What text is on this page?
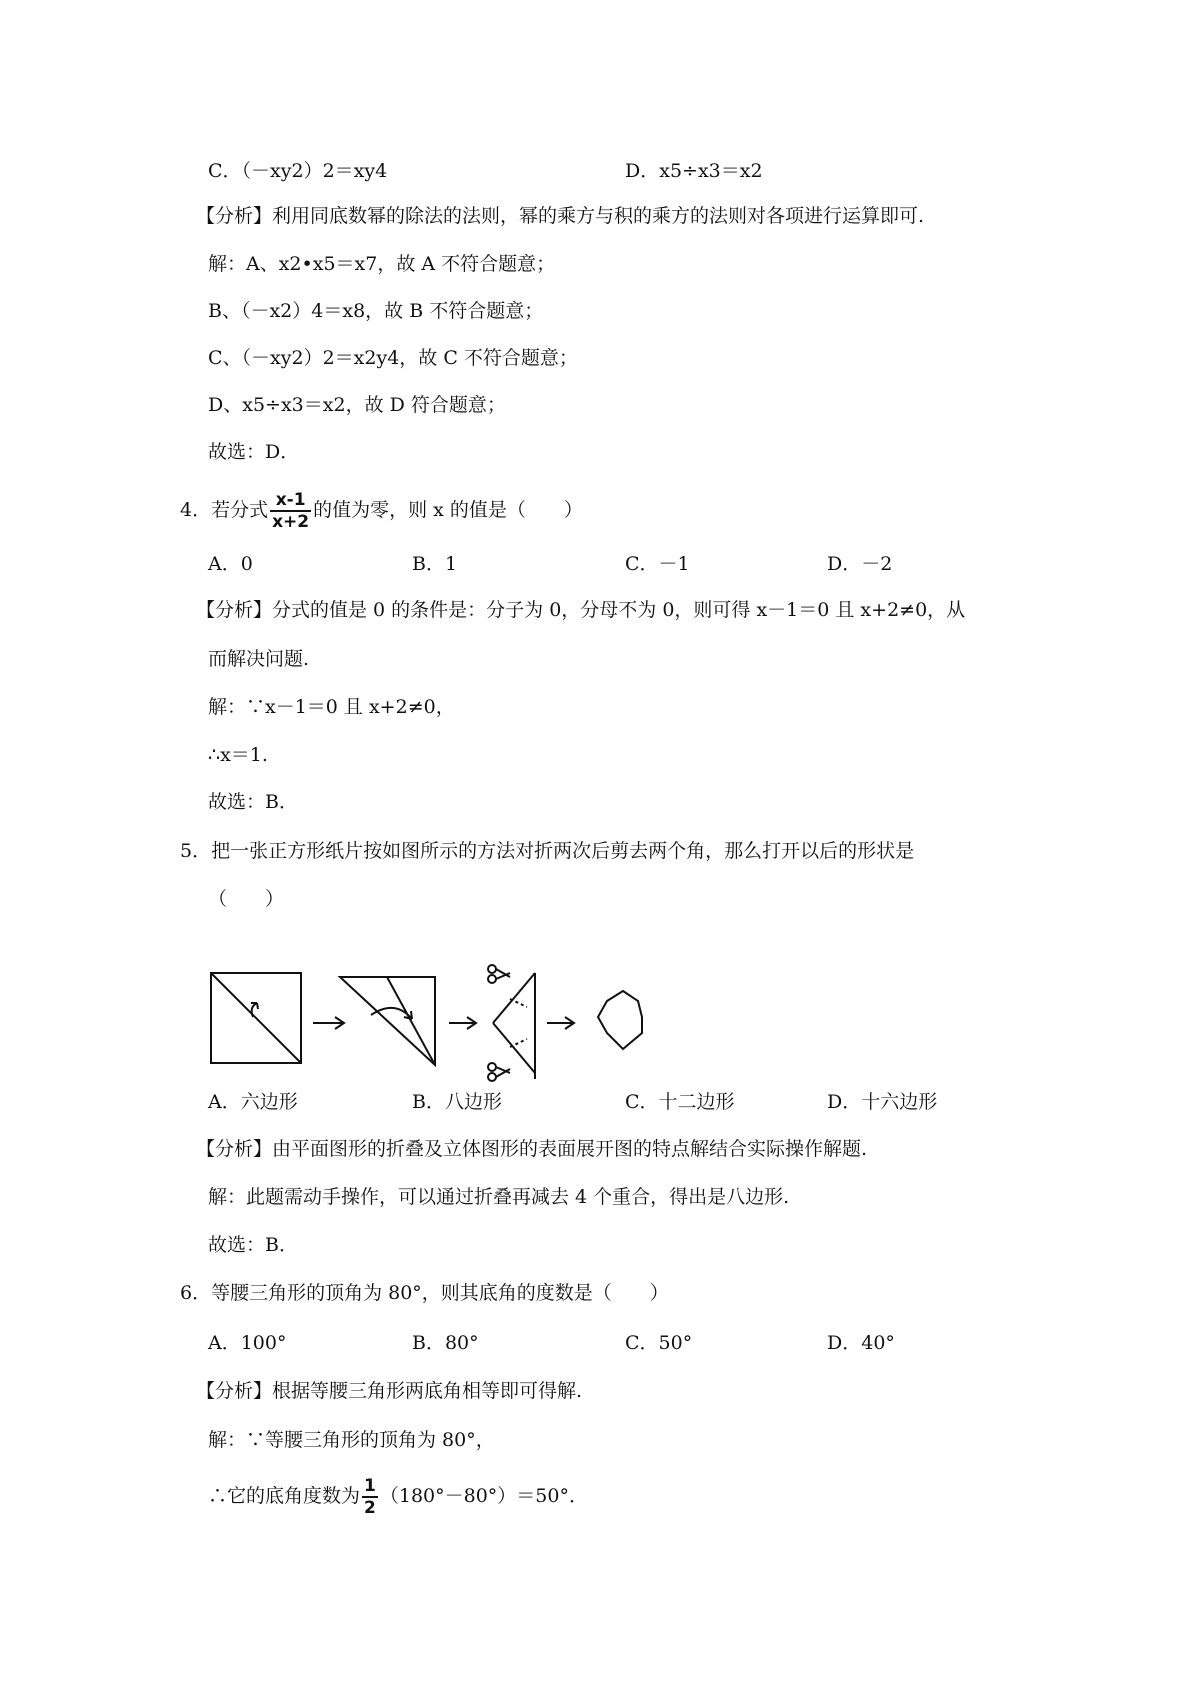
C．（－xy2）2＝xy4	D．x5÷x3＝x2
【分析】利用同底数幂的除法的法则，幂的乘方与积的乘方的法则对各项进行运算即可.
解：A、x2•x5＝x7，故 A 不符合题意；
B、（－x2）4＝x8，故 B 不符合题意；
C、（－xy2）2＝x2y4，故 C 不符合题意；
D、x5÷x3＝x2，故 D 符合题意；
故选：D．
4．若分式 $\frac{x-1}{x+2}$ 的值为零，则 x 的值是（　　）
A．0	B．1	C．－1	D．－2
【分析】分式的值是 0 的条件是：分子为 0，分母不为 0，则可得 x－1＝0 且 x+2≠0，从
而解决问题.
解：∵x－1＝0 且 x+2≠0，
∴x＝1.
故选：B．
5．把一张正方形纸片按如图所示的方法对折两次后剪去两个角，那么打开以后的形状是
（　　）
A．六边形	B．八边形	C．十二边形	D．十六边形
【分析】由平面图形的折叠及立体图形的表面展开图的特点解结合实际操作解题.
解：此题需动手操作，可以通过折叠再减去 4 个重合，得出是八边形.
故选：B．
6．等腰三角形的顶角为 80°，则其底角的度数是（　　）
A．100°	B．80°	C．50°	D．40°
【分析】根据等腰三角形两底角相等即可得解.
解：∵等腰三角形的顶角为 80°，
∴它的底角度数为 $\frac{1}{2} (180^\circ-80^\circ)=50^\circ$．
